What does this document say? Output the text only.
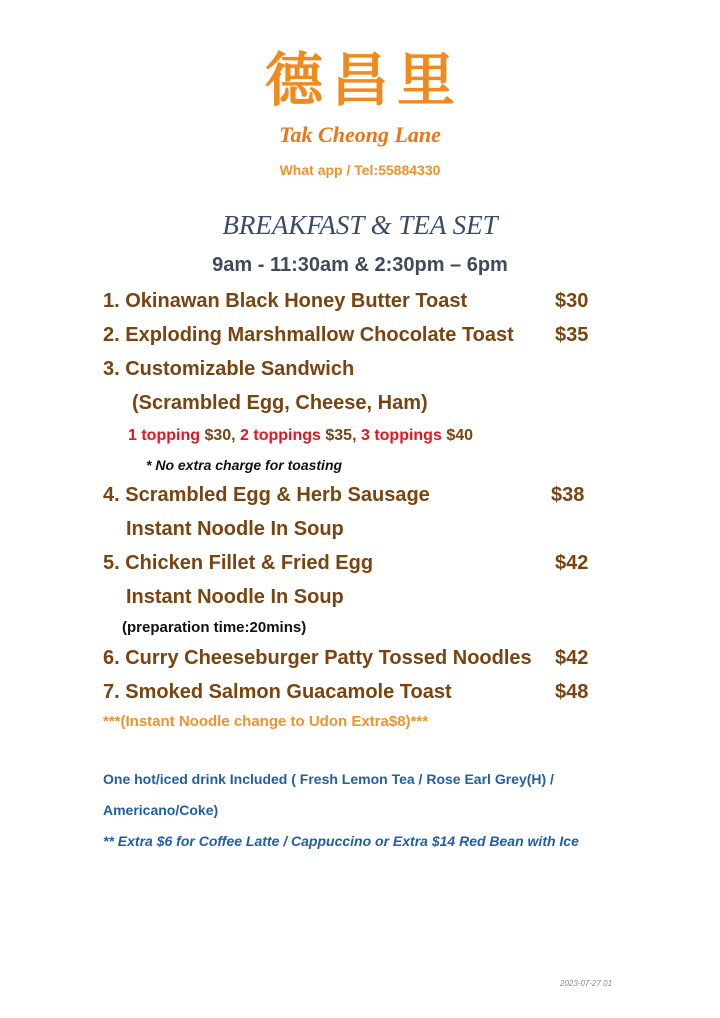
德 昌 里
Tak Cheong Lane
What app / Tel:55884330
BREAKFAST & TEA SET
9am - 11:30am & 2:30pm – 6pm
1. Okinawan Black Honey Butter Toast	$30
2. Exploding Marshmallow Chocolate Toast $35
3. Customizable Sandwich
(Scrambled Egg, Cheese, Ham)
1 topping $30, 2 toppings $35, 3 toppings $40
* No extra charge for toasting
4. Scrambled Egg & Herb Sausage	$38
Instant Noodle In Soup
5. Chicken Fillet & Fried Egg	$42
Instant Noodle In Soup
(preparation time:20mins)
6. Curry Cheeseburger Patty Tossed Noodles $42
7. Smoked Salmon Guacamole Toast	$48
***(Instant Noodle change to Udon Extra$8)***
One hot/iced drink Included ( Fresh Lemon Tea / Rose Earl Grey(H) /
Americano/Coke)
** Extra $6 for Coffee Latte / Cappuccino or Extra $14 Red Bean with Ice
2023-07-27 01
